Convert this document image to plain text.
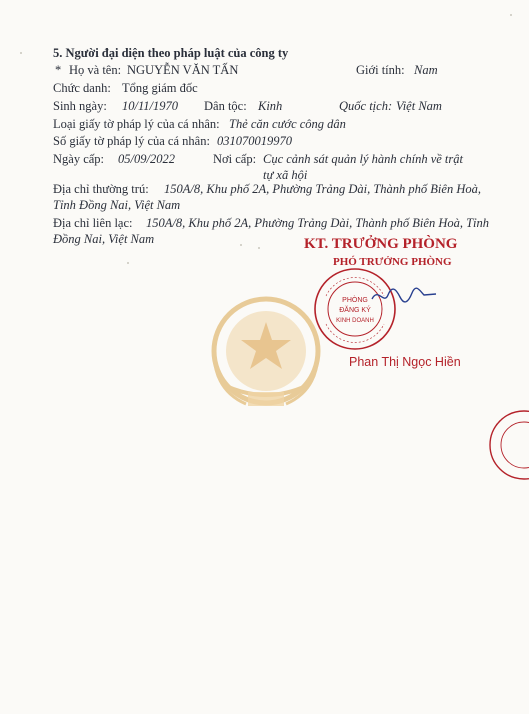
5. Người đại diện theo pháp luật của công ty
* Họ và tên: NGUYỄN VĂN TẤN	Giới tính: Nam
Chức danh: Tổng giám đốc
Sinh ngày: 10/11/1970 Dân tộc: Kinh	Quốc tịch: Việt Nam
Loại giấy tờ pháp lý của cá nhân: Thẻ căn cước công dân
Số giấy tờ pháp lý của cá nhân: 031070019970
Ngày cấp: 05/09/2022	Nơi cấp: Cục cảnh sát quản lý hành chính về trật
tự xã hội
Địa chỉ thường trú: 150A/8, Khu phố 2A, Phường Trảng Dài, Thành phố Biên Hoà,
Tỉnh Đồng Nai, Việt Nam
Địa chỉ liên lạc: 150A/8, Khu phố 2A, Phường Trảng Dài, Thành phố Biên Hoà, Tỉnh
Đồng Nai, Việt Nam	KT. TRƯỞNG PHÒNG
PHÓ TRƯỞNG PHÒNG
PHÒNG
ĐĂNG KÝ
KINH DOANH
Phan Thị Ngọc Hiền
